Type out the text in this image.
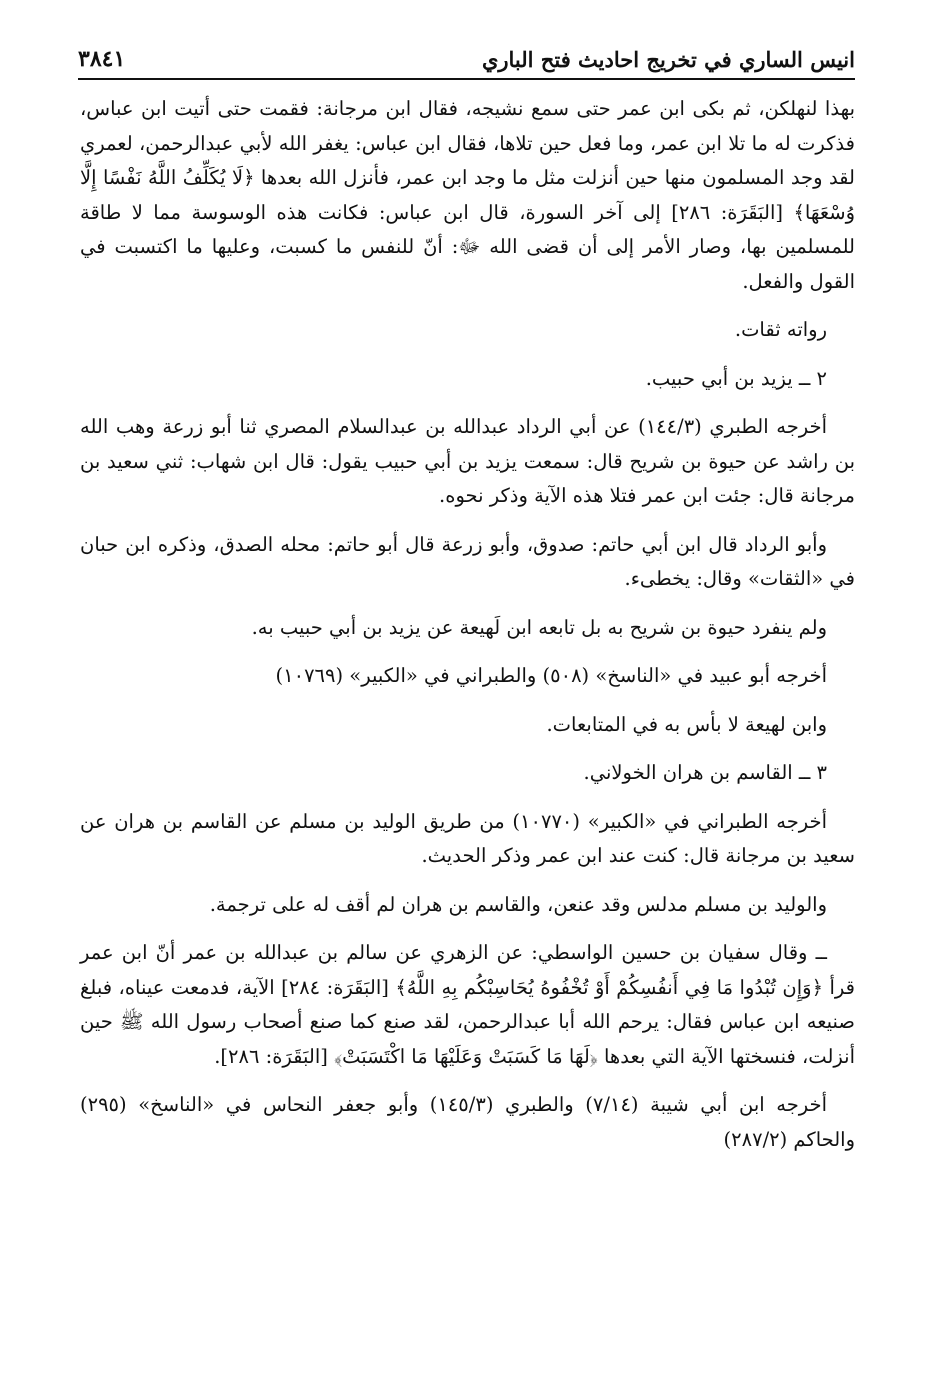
انيس الساري في تخريج احاديث فتح الباري
٣٨٤١

بهذا لنهلكن، ثم بكى ابن عمر حتى سمع نشيجه، فقال ابن مرجانة: فقمت حتى أتيت ابن عباس، فذكرت له ما تلا ابن عمر، وما فعل حين تلاها، فقال ابن عباس: يغفر الله لأبي عبدالرحمن، لعمري لقد وجد المسلمون منها حين أنزلت مثل ما وجد ابن عمر، فأنزل الله بعدها ﴿لَا يُكَلِّفُ اللَّهُ نَفْسًا إِلَّا وُسْعَهَا﴾ [البَقَرَة: ٢٨٦] إلى آخر السورة، قال ابن عباس: فكانت هذه الوسوسة مما لا طاقة للمسلمين بها، وصار الأمر إلى أن قضى الله ﷻ: أنّ للنفس ما كسبت، وعليها ما اكتسبت في القول والفعل.

رواته ثقات.

٢ ــ يزيد بن أبي حبيب.

أخرجه الطبري (١٤٤/٣) عن أبي الرداد عبدالله بن عبدالسلام المصري ثنا أبو زرعة وهب الله بن راشد عن حيوة بن شريح قال: سمعت يزيد بن أبي حبيب يقول: قال ابن شهاب: ثني سعيد بن مرجانة قال: جئت ابن عمر فتلا هذه الآية وذكر نحوه.

وأبو الرداد قال ابن أبي حاتم: صدوق، وأبو زرعة قال أبو حاتم: محله الصدق، وذكره ابن حبان في «الثقات» وقال: يخطىء.

ولم ينفرد حيوة بن شريح به بل تابعه ابن لَهيعة عن يزيد بن أبي حبيب به.

أخرجه أبو عبيد في «الناسخ» (٥٠٨) والطبراني في «الكبير» (١٠٧٦٩)

وابن لهيعة لا بأس به في المتابعات.

٣ ــ القاسم بن هران الخولاني.

أخرجه الطبراني في «الكبير» (١٠٧٧٠) من طريق الوليد بن مسلم عن القاسم بن هران عن سعيد بن مرجانة قال: كنت عند ابن عمر وذكر الحديث.

والوليد بن مسلم مدلس وقد عنعن، والقاسم بن هران لم أقف له على ترجمة.

ــ وقال سفيان بن حسين الواسطي: عن الزهري عن سالم بن عبدالله بن عمر أنّ ابن عمر قرأ ﴿وَإِن تُبْدُوا مَا فِي أَنفُسِكُمْ أَوْ تُخْفُوهُ يُحَاسِبْكُم بِهِ اللَّهُ﴾ [البَقَرَة: ٢٨٤] الآية، فدمعت عيناه، فبلغ صنيعه ابن عباس فقال: يرحم الله أبا عبدالرحمن، لقد صنع كما صنع أصحاب رسول الله ﷺ حين أنزلت، فنسختها الآية التي بعدها ﴿لَهَا مَا كَسَبَتْ وَعَلَيْهَا مَا اكْتَسَبَتْ﴾ [البَقَرَة: ٢٨٦].

أخرجه ابن أبي شيبة (٧/١٤) والطبري (١٤٥/٣) وأبو جعفر النحاس في «الناسخ» (٢٩٥) والحاكم (٢٨٧/٢)
